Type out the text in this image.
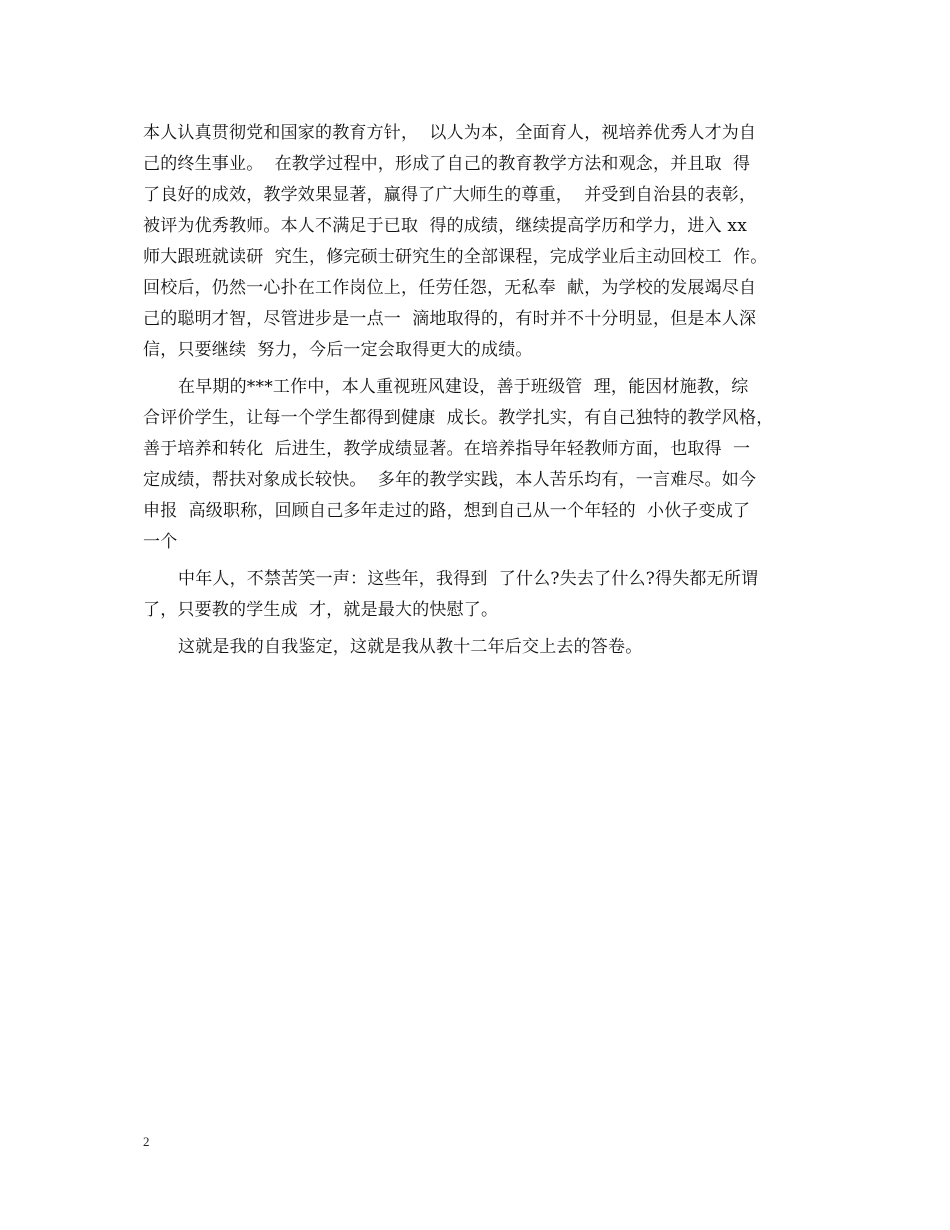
本人认真贯彻党和国家的教育方针，  以人为本，全面育人，视培养优秀人才为自
己的终生事业。  在教学过程中，形成了自己的教育教学方法和观念，并且取  得
了良好的成效，教学效果显著，赢得了广大师生的尊重，  并受到自治县的表彰，
被评为优秀教师。本人不满足于已取  得的成绩，继续提高学历和学力，进入 xx
师大跟班就读研  究生，修完硕士研究生的全部课程，完成学业后主动回校工  作。
回校后，仍然一心扑在工作岗位上，任劳任怨，无私奉  献，为学校的发展竭尽自
己的聪明才智，尽管进步是一点一  滴地取得的，有时并不十分明显，但是本人深
信，只要继续  努力，今后一定会取得更大的成绩。
在早期的***工作中，本人重视班风建设，善于班级管  理，能因材施教，综
合评价学生，让每一个学生都得到健康  成长。教学扎实，有自己独特的教学风格，
善于培养和转化  后进生，教学成绩显著。在培养指导年轻教师方面，也取得  一
定成绩，帮扶对象成长较快。  多年的教学实践，本人苦乐均有，一言难尽。如今
申报  高级职称，回顾自己多年走过的路，想到自己从一个年轻的  小伙子变成了
一个
中年人，不禁苦笑一声：这些年，我得到  了什么?失去了什么?得失都无所谓
了，只要教的学生成  才，就是最大的快慰了。
这就是我的自我鉴定，这就是我从教十二年后交上去的答卷。
2
